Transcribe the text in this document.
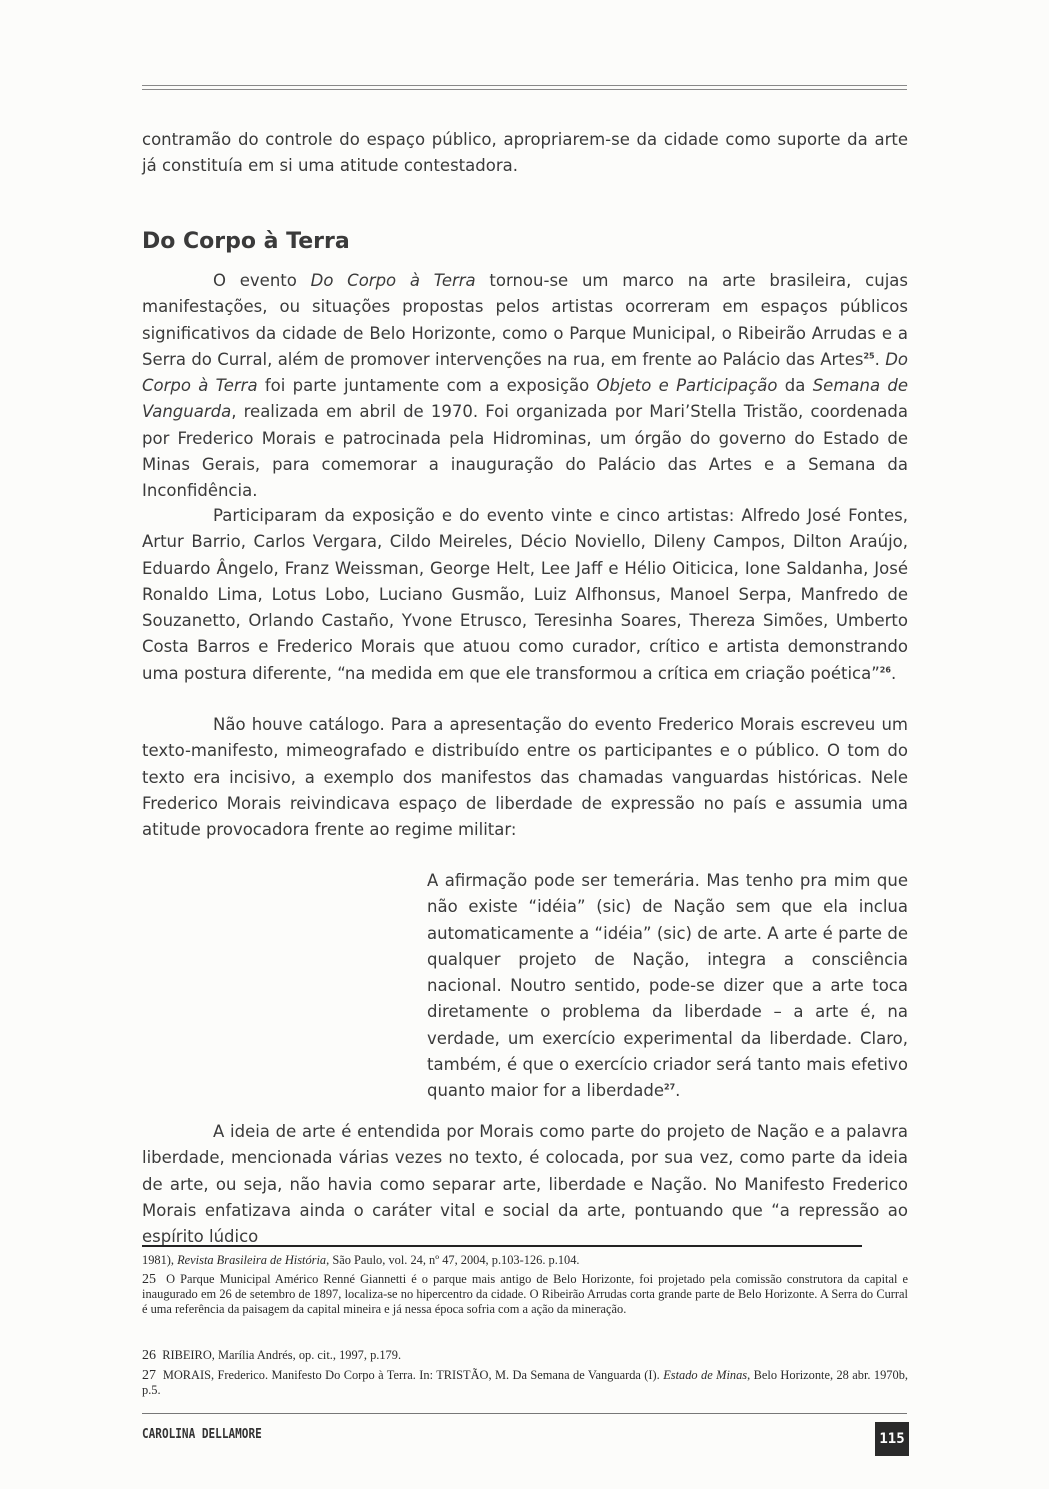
contramão do controle do espaço público, apropriarem-se da cidade como suporte da arte já constituía em si uma atitude contestadora.

Do Corpo à Terra

O evento Do Corpo à Terra tornou-se um marco na arte brasileira, cujas manifestações, ou situações propostas pelos artistas ocorreram em espaços públicos significativos da cidade de Belo Horizonte, como o Parque Municipal, o Ribeirão Arrudas e a Serra do Curral, além de promover intervenções na rua, em frente ao Palácio das Artes$^{25}$. Do Corpo à Terra foi parte juntamente com a exposição Objeto e Participação da Semana de Vanguarda, realizada em abril de 1970. Foi organizada por Mari’Stella Tristão, coordenada por Frederico Morais e patrocinada pela Hidrominas, um órgão do governo do Estado de Minas Gerais, para comemorar a inauguração do Palácio das Artes e a Semana da Inconfidência.

Participaram da exposição e do evento vinte e cinco artistas: Alfredo José Fontes, Artur Barrio, Carlos Vergara, Cildo Meireles, Décio Noviello, Dileny Campos, Dilton Araújo, Eduardo Ângelo, Franz Weissman, George Helt, Lee Jaff e Hélio Oiticica, Ione Saldanha, José Ronaldo Lima, Lotus Lobo, Luciano Gusmão, Luiz Alfhonsus, Manoel Serpa, Manfredo de Souzanetto, Orlando Castaño, Yvone Etrusco, Teresinha Soares, Thereza Simões, Umberto Costa Barros e Frederico Morais que atuou como curador, crítico e artista demonstrando uma postura diferente, “na medida em que ele transformou a crítica em criação poética”$^{26}$.

Não houve catálogo. Para a apresentação do evento Frederico Morais escreveu um texto-manifesto, mimeografado e distribuído entre os participantes e o público. O tom do texto era incisivo, a exemplo dos manifestos das chamadas vanguardas históricas. Nele Frederico Morais reivindicava espaço de liberdade de expressão no país e assumia uma atitude provocadora frente ao regime militar:

A afirmação pode ser temerária. Mas tenho pra mim que não existe “idéia” (sic) de Nação sem que ela inclua automaticamente a “idéia” (sic) de arte. A arte é parte de qualquer projeto de Nação, integra a consciência nacional. Noutro sentido, pode-se dizer que a arte toca diretamente o problema da liberdade – a arte é, na verdade, um exercício experimental da liberdade. Claro, também, é que o exercício criador será tanto mais efetivo quanto maior for a liberdade$^{27}$.

A ideia de arte é entendida por Morais como parte do projeto de Nação e a palavra liberdade, mencionada várias vezes no texto, é colocada, por sua vez, como parte da ideia de arte, ou seja, não havia como separar arte, liberdade e Nação. No Manifesto Frederico Morais enfatizava ainda o caráter vital e social da arte, pontuando que “a repressão ao espírito lúdico

1981), Revista Brasileira de História, São Paulo, vol. 24, nº 47, 2004, p.103-126. p.104.

25 O Parque Municipal Américo Renné Giannetti é o parque mais antigo de Belo Horizonte, foi projetado pela comissão construtora da capital e inaugurado em 26 de setembro de 1897, localiza-se no hipercentro da cidade. O Ribeirão Arrudas corta grande parte de Belo Horizonte. A Serra do Curral é uma referência da paisagem da capital mineira e já nessa época sofria com a ação da mineração.

26 RIBEIRO, Marília Andrés, op. cit., 1997, p.179.

27 MORAIS, Frederico. Manifesto Do Corpo à Terra. In: TRISTÃO, M. Da Semana de Vanguarda (I). Estado de Minas, Belo Horizonte, 28 abr. 1970b, p.5.

CAROLINA DELLAMORE	115
